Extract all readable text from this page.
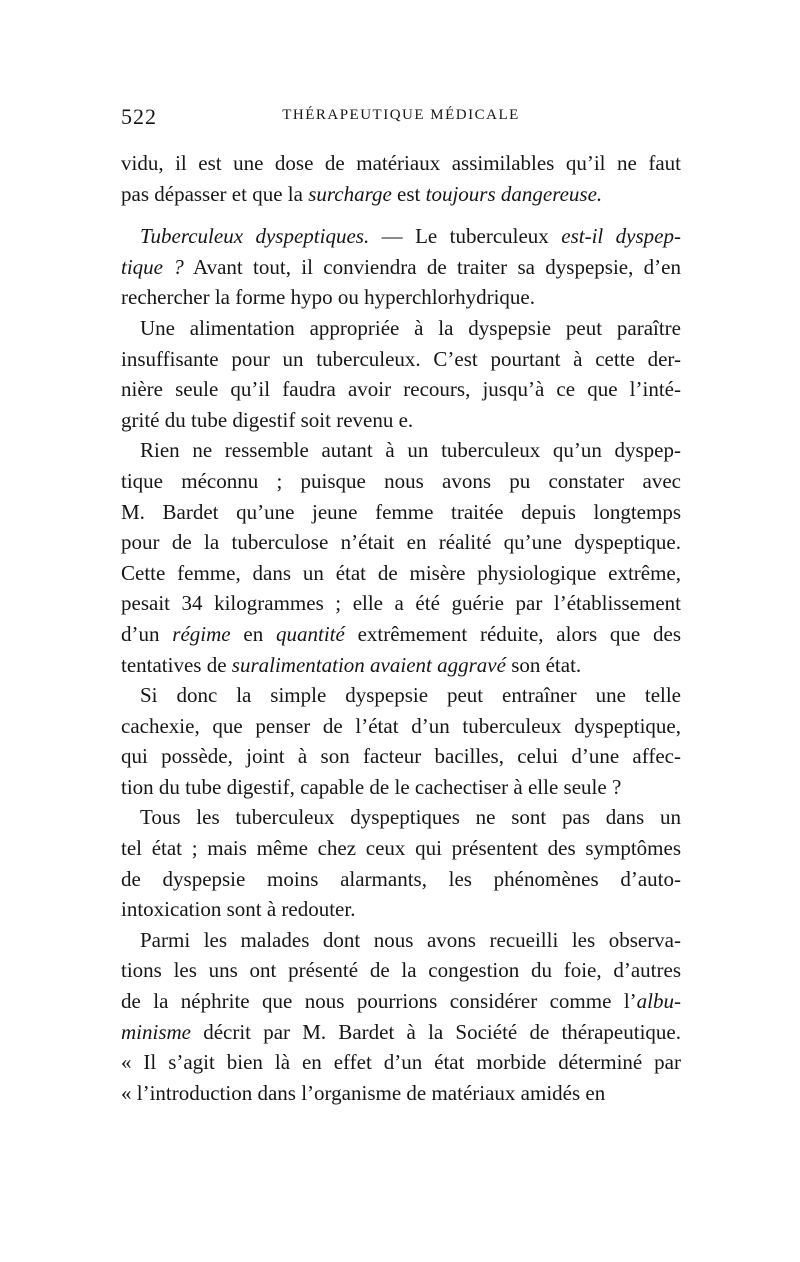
522	THÉRAPEUTIQUE MÉDICALE
vidu, il est une dose de matériaux assimilables qu’il ne faut
pas dépasser et que la surcharge est toujours dangereuse.
Tuberculeux dyspeptiques. — Le tuberculeux est-il dyspep-
tique ? Avant tout, il conviendra de traiter sa dyspepsie, d’en
rechercher la forme hypo ou hyperchlorhydrique.
Une alimentation appropriée à la dyspepsie peut paraître
insuffisante pour un tuberculeux. C’est pourtant à cette der-
nière seule qu’il faudra avoir recours, jusqu’à ce que l’inté-
grité du tube digestif soit revenu e.
Rien ne ressemble autant à un tuberculeux qu’un dyspep-
tique méconnu ; puisque nous avons pu constater avec
M. Bardet qu’une jeune femme traitée depuis longtemps
pour de la tuberculose n’était en réalité qu’une dyspeptique.
Cette femme, dans un état de misère physiologique extrême,
pesait 34 kilogrammes ; elle a été guérie par l’établissement
d’un régime en quantité extrêmement réduite, alors que des
tentatives de suralimentation avaient aggravé son état.
Si donc la simple dyspepsie peut entraîner une telle
cachexie, que penser de l’état d’un tuberculeux dyspeptique,
qui possède, joint à son facteur bacilles, celui d’une affec-
tion du tube digestif, capable de le cachectiser à elle seule ?
Tous les tuberculeux dyspeptiques ne sont pas dans un
tel état ; mais même chez ceux qui présentent des symptômes
de dyspepsie moins alarmants, les phénomènes d’auto-
intoxication sont à redouter.
Parmi les malades dont nous avons recueilli les observa-
tions les uns ont présenté de la congestion du foie, d’autres
de la néphrite que nous pourrions considérer comme l’albu-
minisme décrit par M. Bardet à la Société de thérapeutique.
« Il s’agit bien là en effet d’un état morbide déterminé par
« l’introduction dans l’organisme de matériaux amidés en
